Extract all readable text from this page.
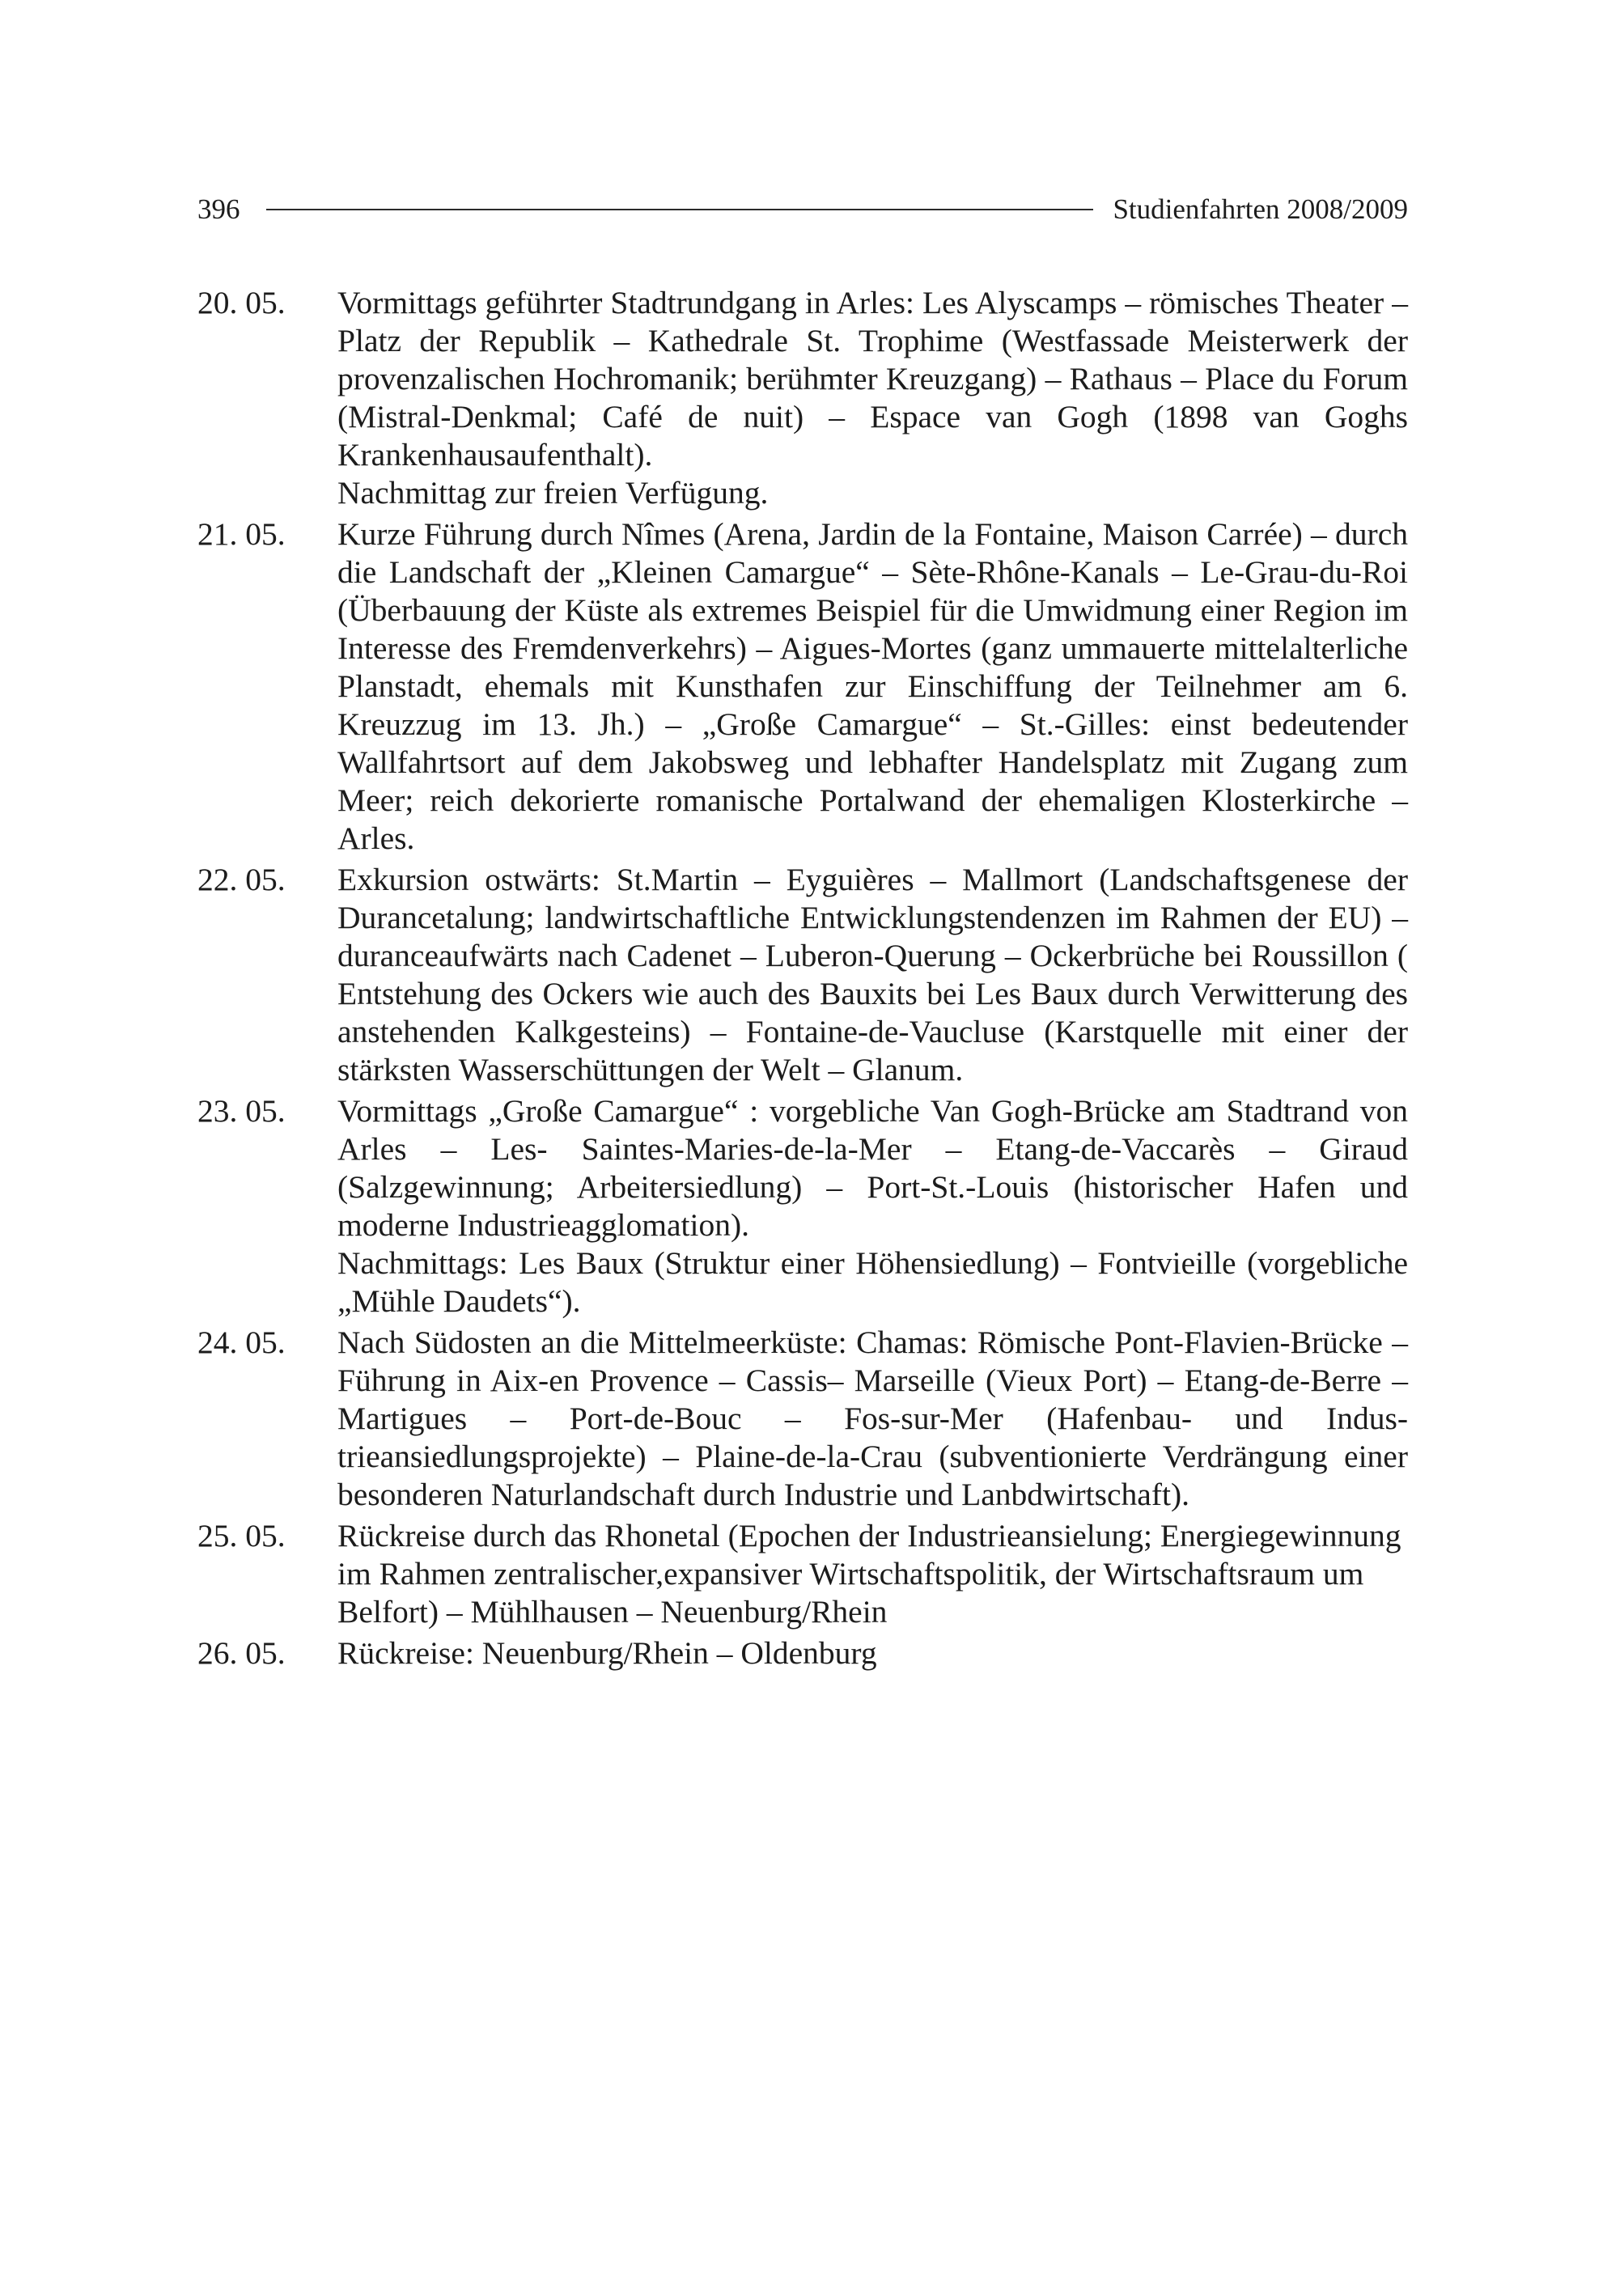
396	Studienfahrten 2008/2009
20. 05.	Vormittags geführter Stadtrundgang in Arles: Les Alyscamps – römisches Theater – Platz der Republik – Kathedrale St. Trophime (Westfassade Meisterwerk der provenzalischen Hochromanik; berühmter Kreuzgang) – Rathaus – Place du Forum (Mistral-Denkmal; Café de nuit) – Espace van Gogh (1898 van Goghs Krankenhausaufenthalt).

Nachmittag zur freien Verfügung.

21. 05.	Kurze Führung durch Nîmes (Arena, Jardin de la Fontaine, Maison Carrée) – durch die Landschaft der „Kleinen Camargue“ – Sète-Rhône-Kanals – Le-Grau-du-Roi (Überbauung der Küste als extremes Beispiel für die Umwidmung einer Region im Interesse des Fremdenverkehrs) – Aigues-Mortes (ganz ummauerte mittelalterliche Planstadt, ehemals mit Kunsthafen zur Einschiffung der Teilnehmer am 6. Kreuzzug im 13. Jh.) – „Große Camargue“ – St.-Gilles: einst bedeutender Wallfahrtsort auf dem Jakobsweg und lebhafter Handelsplatz mit Zugang zum Meer; reich dekorierte romanische Portalwand der ehemaligen Klosterkirche – Arles.

22. 05.	Exkursion ostwärts: St.Martin – Eyguières – Mallmort (Landschaftsgenese der Durancetalung; landwirtschaftliche Entwicklungstendenzen im Rahmen der EU) – duranceaufwärts nach Cadenet – Luberon-Querung – Ockerbrüche bei Roussillon ( Entstehung des Ockers wie auch des Bauxits bei Les Baux durch Verwitterung des anstehenden Kalkgesteins) – Fontaine-de-Vaucluse (Karstquelle mit einer der stärksten Wasserschüttungen der Welt – Glanum.

23. 05.	Vormittags „Große Camargue“ : vorgebliche Van Gogh-Brücke am Stadtrand von Arles – Les- Saintes-Maries-de-la-Mer – Etang-de-Vaccarès – Giraud (Salzgewinnung; Arbeitersiedlung) – Port-St.-Louis (historischer Hafen und moderne Industrieagglomation).

Nachmittags: Les Baux (Struktur einer Höhensiedlung) – Fontvieille (vorgebliche „Mühle Daudets“).

24. 05.	Nach Südosten an die Mittelmeerküste: Chamas: Römische Pont-Flavien-Brücke – Führung in Aix-en Provence – Cassis– Marseille (Vieux Port) – Etang-de-Berre – Martigues – Port-de-Bouc – Fos-sur-Mer (Hafenbau- und Industrieansiedlungsprojekte) – Plaine-de-la-Crau (subventionierte Verdrängung einer besonderen Naturlandschaft durch Industrie und Lanbdwirtschaft).

25. 05.	Rückreise durch das Rhonetal (Epochen der Industrieansielung; Energiegewinnung im Rahmen zentralischer,expansiver Wirtschaftspolitik, der Wirtschaftsraum um Belfort) – Mühlhausen – Neuenburg/Rhein

26. 05.	Rückreise: Neuenburg/Rhein – Oldenburg
